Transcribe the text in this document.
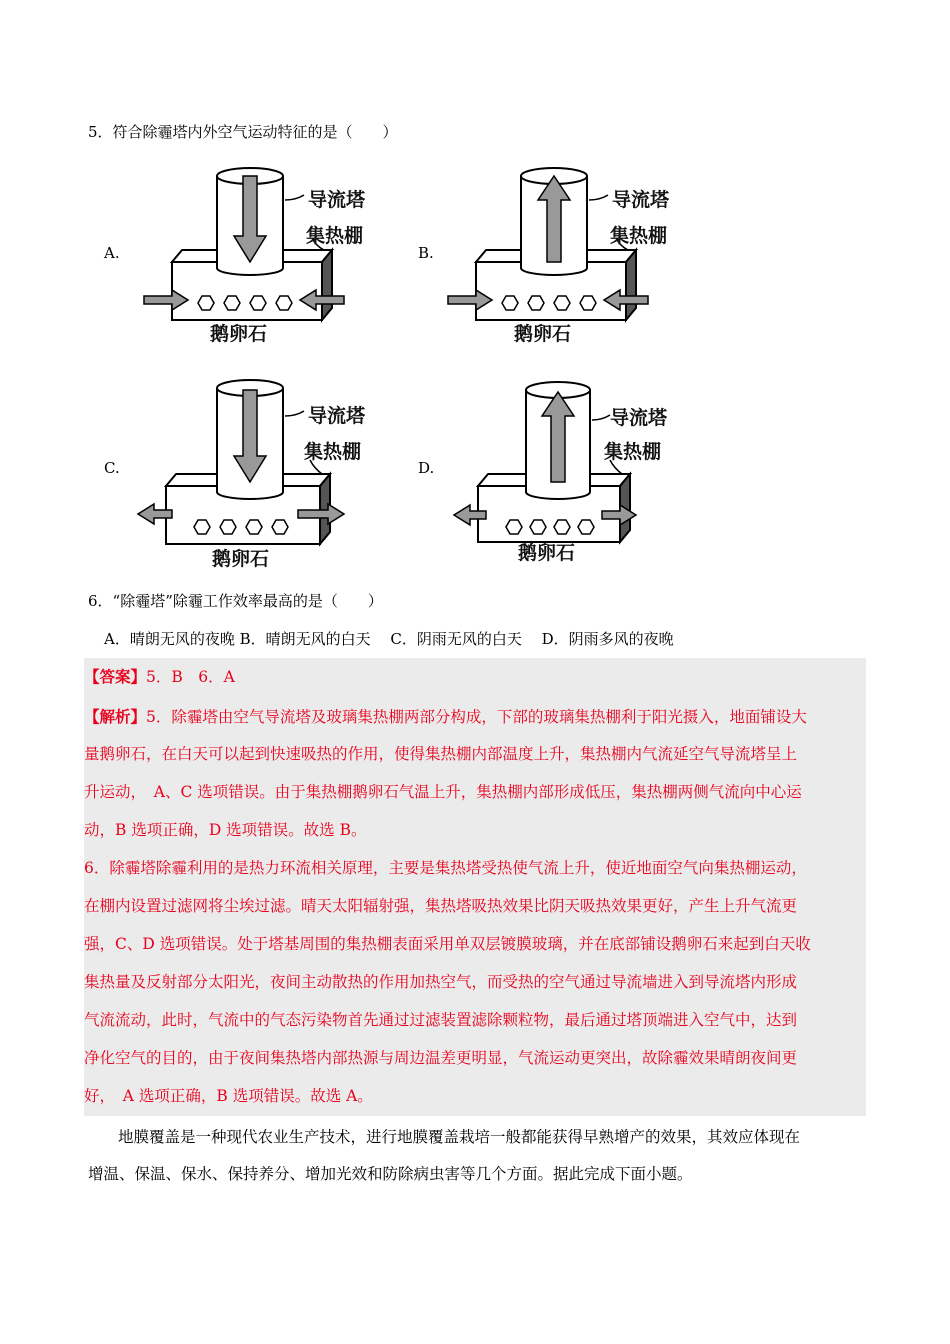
5．符合除霾塔内外空气运动特征的是（　　）
A.	B.
C.	D.
导流塔
集热棚
鹅卵石
导流塔
集热棚
鹅卵石
导流塔
集热棚
鹅卵石
导流塔
集热棚
鹅卵石
6．“除霾塔”除霾工作效率最高的是（　　）
A．晴朗无风的夜晚 B．晴朗无风的白天　 C．阴雨无风的白天　 D．阴雨多风的夜晚
【答案】5．B　6．A
【解析】5．除霾塔由空气导流塔及玻璃集热棚两部分构成，下部的玻璃集热棚利于阳光摄入，地面铺设大
量鹅卵石，在白天可以起到快速吸热的作用，使得集热棚内部温度上升，集热棚内气流延空气导流塔呈上
升运动，　A、C 选项错误。由于集热棚鹅卵石气温上升，集热棚内部形成低压，集热棚两侧气流向中心运
动，B 选项正确，D 选项错误。故选 B。
6．除霾塔除霾利用的是热力环流相关原理，主要是集热塔受热使气流上升，使近地面空气向集热棚运动，
在棚内设置过滤网将尘埃过滤。晴天太阳辐射强，集热塔吸热效果比阴天吸热效果更好，产生上升气流更
强，C、D 选项错误。处于塔基周围的集热棚表面采用单双层镀膜玻璃，并在底部铺设鹅卵石来起到白天收
集热量及反射部分太阳光，夜间主动散热的作用加热空气，而受热的空气通过导流墙进入到导流塔内形成
气流流动，此时，气流中的气态污染物首先通过过滤装置滤除颗粒物，最后通过塔顶端进入空气中，达到
净化空气的目的，由于夜间集热塔内部热源与周边温差更明显，气流运动更突出，故除霾效果晴朗夜间更
好，　A 选项正确，B 选项错误。故选 A。
地膜覆盖是一种现代农业生产技术，进行地膜覆盖栽培一般都能获得早熟增产的效果，其效应体现在
增温、保温、保水、保持养分、增加光效和防除病虫害等几个方面。据此完成下面小题。
